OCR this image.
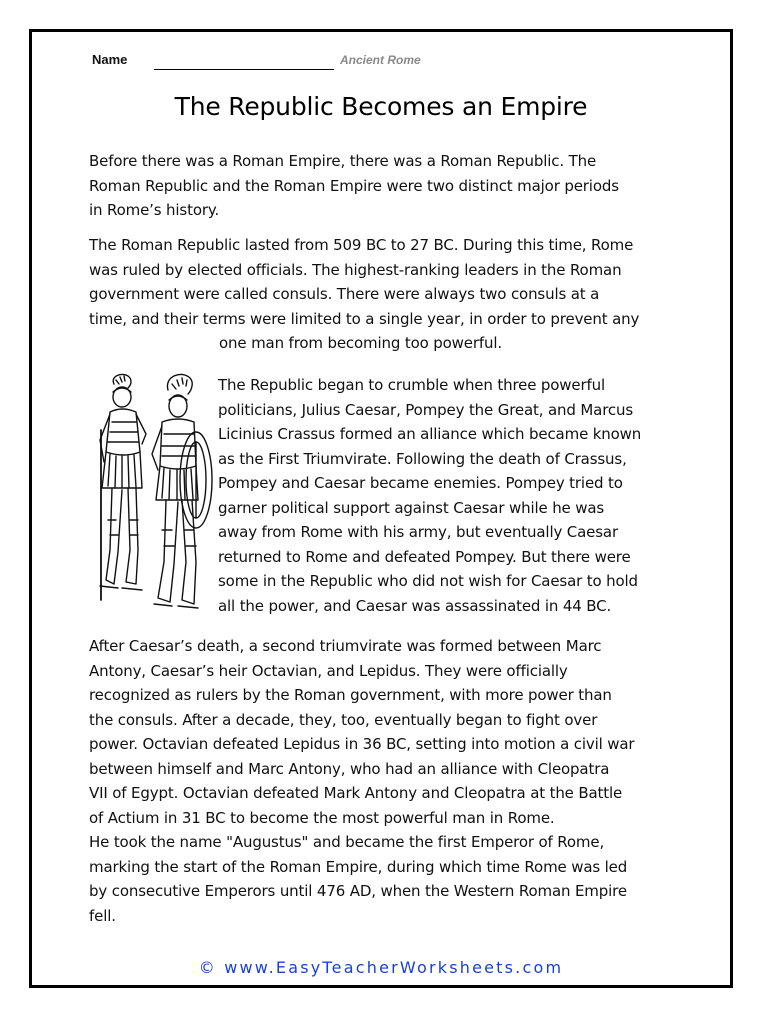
Name	Ancient Rome
The Republic Becomes an Empire

Before there was a Roman Empire, there was a Roman Republic. The
Roman Republic and the Roman Empire were two distinct major periods
in Rome’s history.

The Roman Republic lasted from 509 BC to 27 BC. During this time, Rome
was ruled by elected officials. The highest-ranking leaders in the Roman
government were called consuls. There were always two consuls at a
time, and their terms were limited to a single year, in order to prevent any
one man from becoming too powerful.

The Republic began to crumble when three powerful
politicians, Julius Caesar, Pompey the Great, and Marcus
Licinius Crassus formed an alliance which became known
as the First Triumvirate. Following the death of Crassus,
Pompey and Caesar became enemies. Pompey tried to
garner political support against Caesar while he was
away from Rome with his army, but eventually Caesar
returned to Rome and defeated Pompey. But there were
some in the Republic who did not wish for Caesar to hold
all the power, and Caesar was assassinated in 44 BC.

After Caesar’s death, a second triumvirate was formed between Marc
Antony, Caesar’s heir Octavian, and Lepidus. They were officially
recognized as rulers by the Roman government, with more power than
the consuls. After a decade, they, too, eventually began to fight over
power. Octavian defeated Lepidus in 36 BC, setting into motion a civil war
between himself and Marc Antony, who had an alliance with Cleopatra
VII of Egypt. Octavian defeated Mark Antony and Cleopatra at the Battle
of Actium in 31 BC to become the most powerful man in Rome.
He took the name "Augustus" and became the first Emperor of Rome,
marking the start of the Roman Empire, during which time Rome was led
by consecutive Emperors until 476 AD, when the Western Roman Empire
fell.

© www.EasyTeacherWorksheets.com
